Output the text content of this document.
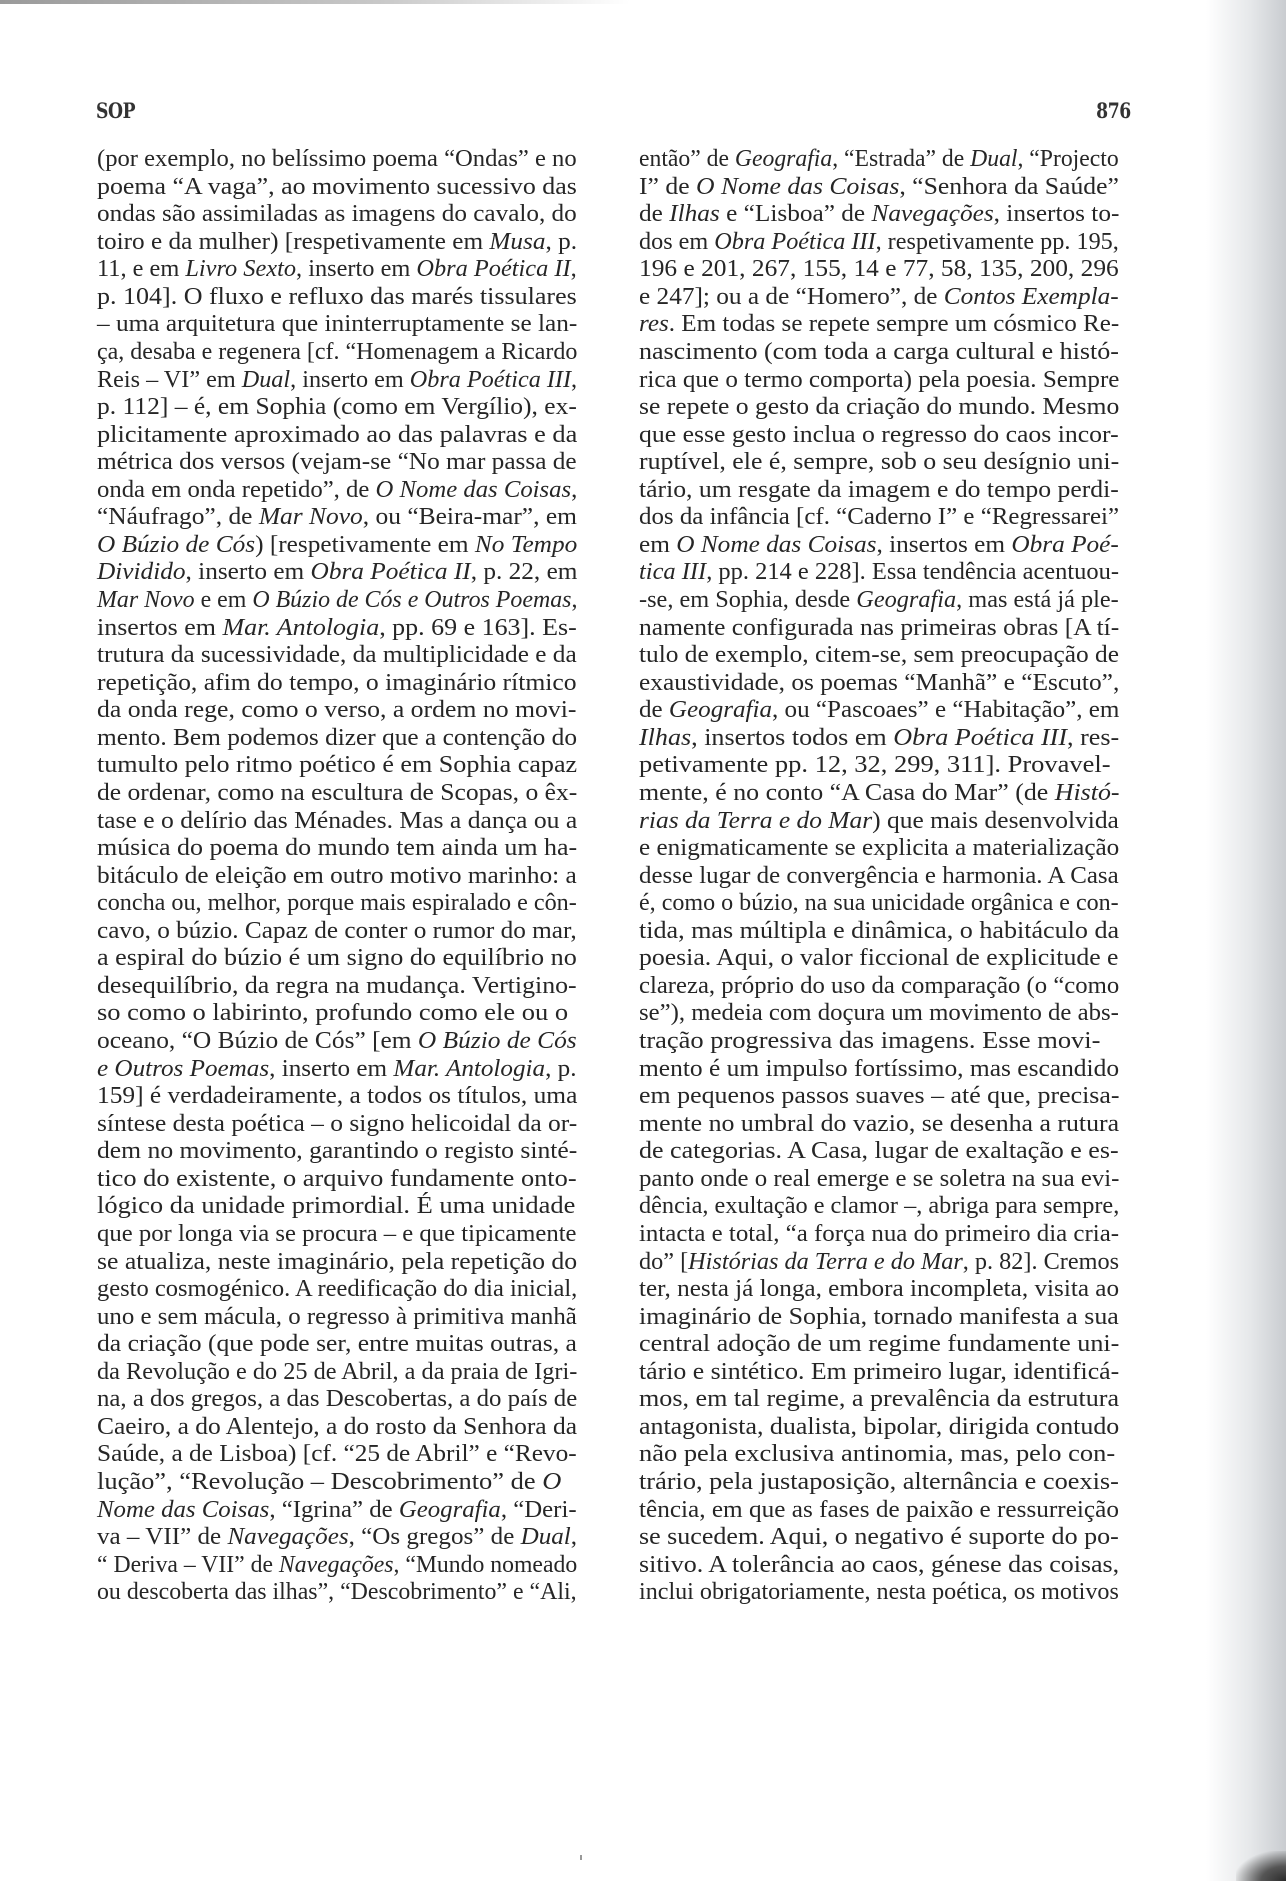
SOP	876
(por exemplo, no belíssimo poema “Ondas” e no
poema “A vaga”, ao movimento sucessivo das
ondas são assimiladas as imagens do cavalo, do
toiro e da mulher) [respetivamente em Musa, p.
11, e em Livro Sexto, inserto em Obra Poética II,
p. 104]. O fluxo e refluxo das marés tissulares
– uma arquitetura que ininterruptamente se lan-
ça, desaba e regenera [cf. “Homenagem a Ricardo
Reis – VI” em Dual, inserto em Obra Poética III,
p. 112] – é, em Sophia (como em Vergílio), ex-
plicitamente aproximado ao das palavras e da
métrica dos versos (vejam-se “No mar passa de
onda em onda repetido”, de O Nome das Coisas,
“Náufrago”, de Mar Novo, ou “Beira-mar”, em
O Búzio de Cós) [respetivamente em No Tempo
Dividido, inserto em Obra Poética II, p. 22, em
Mar Novo e em O Búzio de Cós e Outros Poemas,
insertos em Mar. Antologia, pp. 69 e 163]. Es-
trutura da sucessividade, da multiplicidade e da
repetição, afim do tempo, o imaginário rítmico
da onda rege, como o verso, a ordem no movi-
mento. Bem podemos dizer que a contenção do
tumulto pelo ritmo poético é em Sophia capaz
de ordenar, como na escultura de Scopas, o êx-
tase e o delírio das Ménades. Mas a dança ou a
música do poema do mundo tem ainda um ha-
bitáculo de eleição em outro motivo marinho: a
concha ou, melhor, porque mais espiralado e côn-
cavo, o búzio. Capaz de conter o rumor do mar,
a espiral do búzio é um signo do equilíbrio no
desequilíbrio, da regra na mudança. Vertigino-
so como o labirinto, profundo como ele ou o
oceano, “O Búzio de Cós” [em O Búzio de Cós
e Outros Poemas, inserto em Mar. Antologia, p.
159] é verdadeiramente, a todos os títulos, uma
síntese desta poética – o signo helicoidal da or-
dem no movimento, garantindo o registo sinté-
tico do existente, o arquivo fundamente onto-
lógico da unidade primordial. É uma unidade
que por longa via se procura – e que tipicamente
se atualiza, neste imaginário, pela repetição do
gesto cosmogénico. A reedificação do dia inicial,
uno e sem mácula, o regresso à primitiva manhã
da criação (que pode ser, entre muitas outras, a
da Revolução e do 25 de Abril, a da praia de Igri-
na, a dos gregos, a das Descobertas, a do país de
Caeiro, a do Alentejo, a do rosto da Senhora da
Saúde, a de Lisboa) [cf. “25 de Abril” e “Revo-
lução”, “Revolução – Descobrimento” de O
Nome das Coisas, “Igrina” de Geografia, “Deri-
va – VII” de Navegações, “Os gregos” de Dual,
“ Deriva – VII” de Navegações, “Mundo nomeado
ou descoberta das ilhas”, “Descobrimento” e “Ali,
então” de Geografia, “Estrada” de Dual, “Projecto
I” de O Nome das Coisas, “Senhora da Saúde”
de Ilhas e “Lisboa” de Navegações, insertos to-
dos em Obra Poética III, respetivamente pp. 195,
196 e 201, 267, 155, 14 e 77, 58, 135, 200, 296
e 247]; ou a de “Homero”, de Contos Exempla-
res. Em todas se repete sempre um cósmico Re-
nascimento (com toda a carga cultural e histó-
rica que o termo comporta) pela poesia. Sempre
se repete o gesto da criação do mundo. Mesmo
que esse gesto inclua o regresso do caos incor-
ruptível, ele é, sempre, sob o seu desígnio uni-
tário, um resgate da imagem e do tempo perdi-
dos da infância [cf. “Caderno I” e “Regressarei”
em O Nome das Coisas, insertos em Obra Poé-
tica III, pp. 214 e 228]. Essa tendência acentuou-
-se, em Sophia, desde Geografia, mas está já ple-
namente configurada nas primeiras obras [A tí-
tulo de exemplo, citem-se, sem preocupação de
exaustividade, os poemas “Manhã” e “Escuto”,
de Geografia, ou “Pascoaes” e “Habitação”, em
Ilhas, insertos todos em Obra Poética III, res-
petivamente pp. 12, 32, 299, 311]. Provavel-
mente, é no conto “A Casa do Mar” (de Histó-
rias da Terra e do Mar) que mais desenvolvida
e enigmaticamente se explicita a materialização
desse lugar de convergência e harmonia. A Casa
é, como o búzio, na sua unicidade orgânica e con-
tida, mas múltipla e dinâmica, o habitáculo da
poesia. Aqui, o valor ficcional de explicitude e
clareza, próprio do uso da comparação (o “como
se”), medeia com doçura um movimento de abs-
tração progressiva das imagens. Esse movi-
mento é um impulso fortíssimo, mas escandido
em pequenos passos suaves – até que, precisa-
mente no umbral do vazio, se desenha a rutura
de categorias. A Casa, lugar de exaltação e es-
panto onde o real emerge e se soletra na sua evi-
dência, exultação e clamor –, abriga para sempre,
intacta e total, “a força nua do primeiro dia cria-
do” [Histórias da Terra e do Mar, p. 82]. Cremos
ter, nesta já longa, embora incompleta, visita ao
imaginário de Sophia, tornado manifesta a sua
central adoção de um regime fundamente uni-
tário e sintético. Em primeiro lugar, identificá-
mos, em tal regime, a prevalência da estrutura
antagonista, dualista, bipolar, dirigida contudo
não pela exclusiva antinomia, mas, pelo con-
trário, pela justaposição, alternância e coexis-
tência, em que as fases de paixão e ressurreição
se sucedem. Aqui, o negativo é suporte do po-
sitivo. A tolerância ao caos, génese das coisas,
inclui obrigatoriamente, nesta poética, os motivos
